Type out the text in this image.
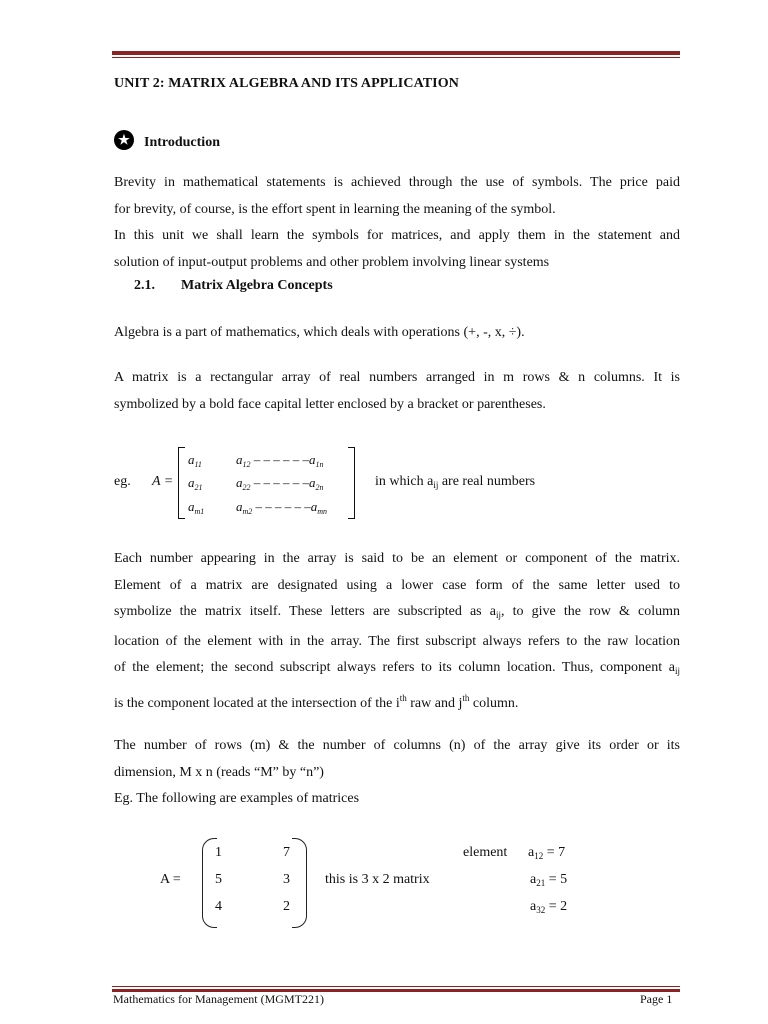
UNIT 2: MATRIX ALGEBRA AND ITS APPLICATION
★ Introduction
Brevity in mathematical statements is achieved through the use of symbols. The price paid
for brevity, of course, is the effort spent in learning the meaning of the symbol.
In this unit we shall learn the symbols for matrices, and apply them in the statement and
solution of input-output problems and other problem involving linear systems
2.1. Matrix Algebra Concepts
Algebra is a part of mathematics, which deals with operations (+, -, x, ÷).
A matrix is a rectangular array of real numbers arranged in m rows & n columns. It is
symbolized by a bold face capital letter enclosed by a bracket or parentheses.
eg. A =
$a_{11}$	$a_{12}$ – – – – – $-a_{1n}$
$a_{21}$	$a_{22}$ – – – – – $-a_{2n}$
$a_{m1}$ $a_{m2}$ – – – – – $-a_{mn}$
in which $a_{ij}$ are real numbers
Each number appearing in the array is said to be an element or component of the matrix.
Element of a matrix are designated using a lower case form of the same letter used to
symbolize the matrix itself. These letters are subscripted as $a_{ij}$, to give the row & column
location of the element with in the array. The first subscript always refers to the raw location
of the element; the second subscript always refers to its column location. Thus, component $a_{ij}$
is the component located at the intersection of the $i^{th}$ raw and $j^{th}$ column.
The number of rows (m) & the number of columns (n) of the array give its order or its
dimension, M x n (reads “M” by “n”)
Eg. The following are examples of matrices
A =
1	7
5	3
4	2
this is 3 x 2 matrix
element $a_{12} = 7$
$a_{21} = 5$
$a_{32} = 2$
Mathematics for Management (MGMT221)	Page 1
